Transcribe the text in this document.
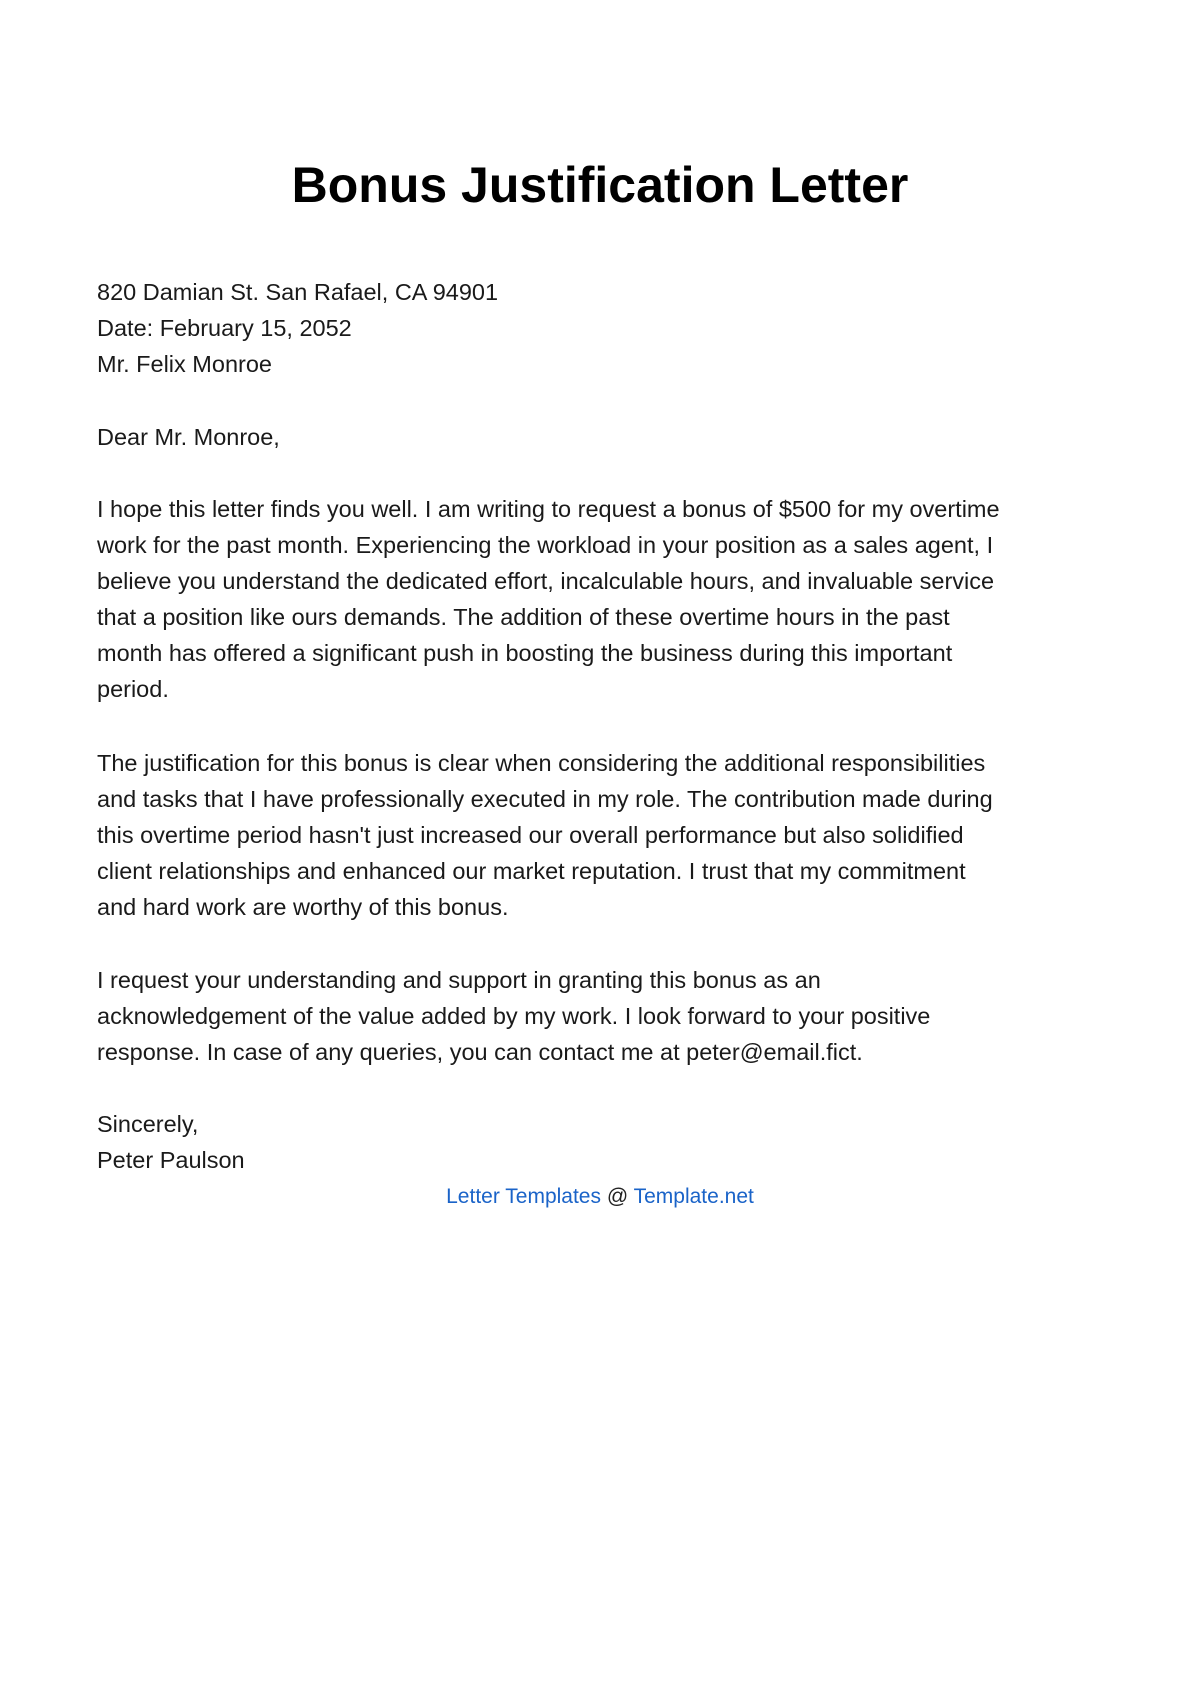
Bonus Justification Letter
820 Damian St. San Rafael, CA 94901
Date: February 15, 2052
Mr. Felix Monroe
Dear Mr. Monroe,
I hope this letter finds you well. I am writing to request a bonus of $500 for my overtime
work for the past month. Experiencing the workload in your position as a sales agent, I
believe you understand the dedicated effort, incalculable hours, and invaluable service
that a position like ours demands. The addition of these overtime hours in the past
month has offered a significant push in boosting the business during this important
period.
The justification for this bonus is clear when considering the additional responsibilities
and tasks that I have professionally executed in my role. The contribution made during
this overtime period hasn't just increased our overall performance but also solidified
client relationships and enhanced our market reputation. I trust that my commitment
and hard work are worthy of this bonus.
I request your understanding and support in granting this bonus as an
acknowledgement of the value added by my work. I look forward to your positive
response. In case of any queries, you can contact me at peter@email.fict.
Sincerely,
Peter Paulson
Letter Templates @ Template.net
